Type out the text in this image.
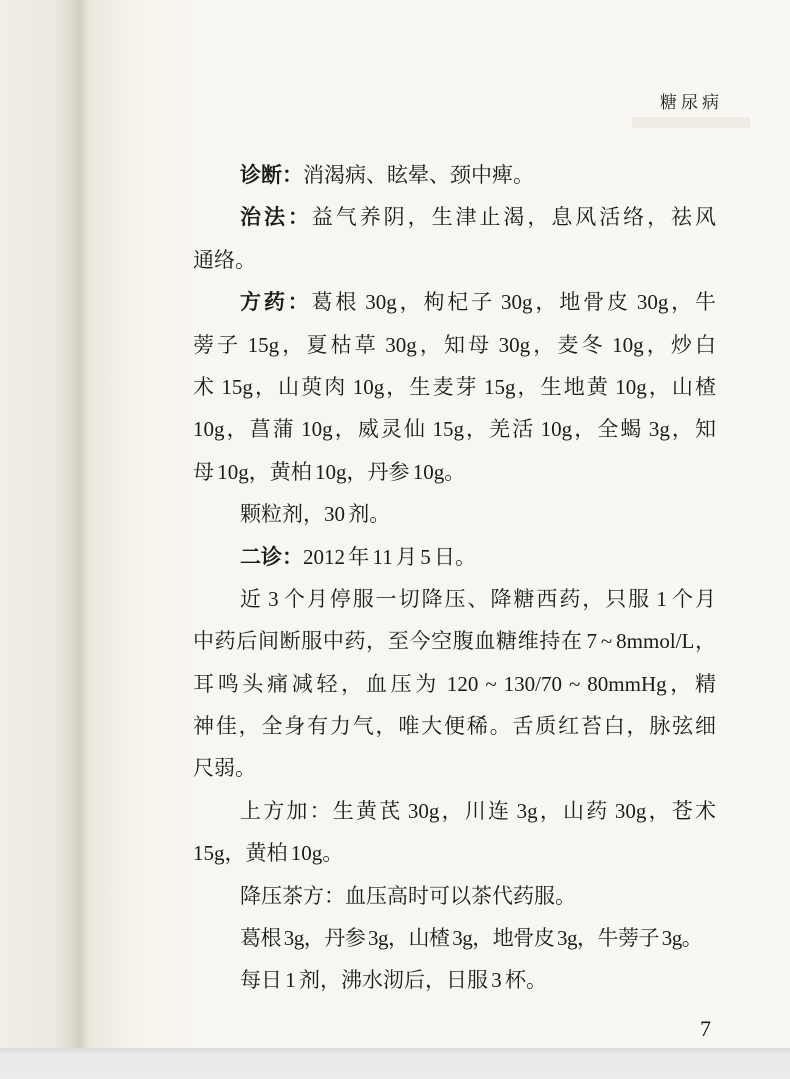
糖尿病
诊断：消渴病、眩晕、颈中痺。
治法：益气养阴，生津止渴，息风活络，祛风
通络。
方药：葛根 30g，枸杞子 30g，地骨皮 30g，牛
蒡子 15g，夏枯草 30g，知母 30g，麦冬 10g，炒白
术 15g，山萸肉 10g，生麦芽 15g，生地黄 10g，山楂
10g，菖蒲 10g，威灵仙 15g，羌活 10g，全蝎 3g，知
母 10g，黄柏 10g，丹参 10g。
颗粒剂，30 剂。
二诊：2012 年 11 月 5 日。
近 3 个月停服一切降压、降糖西药，只服 1 个月
中药后间断服中药，至今空腹血糖维持在 7 ~ 8mmol/L，
耳鸣头痛减轻，血压为 120 ~ 130/70 ~ 80mmHg，精
神佳，全身有力气，唯大便稀。舌质红苔白，脉弦细
尺弱。
上方加：生黄芪 30g，川连 3g，山药 30g，苍术
15g，黄柏 10g。
降压茶方：血压高时可以茶代药服。
葛根 3g，丹参 3g，山楂 3g，地骨皮 3g，牛蒡子 3g。
每日 1 剂，沸水沏后，日服 3 杯。
7
